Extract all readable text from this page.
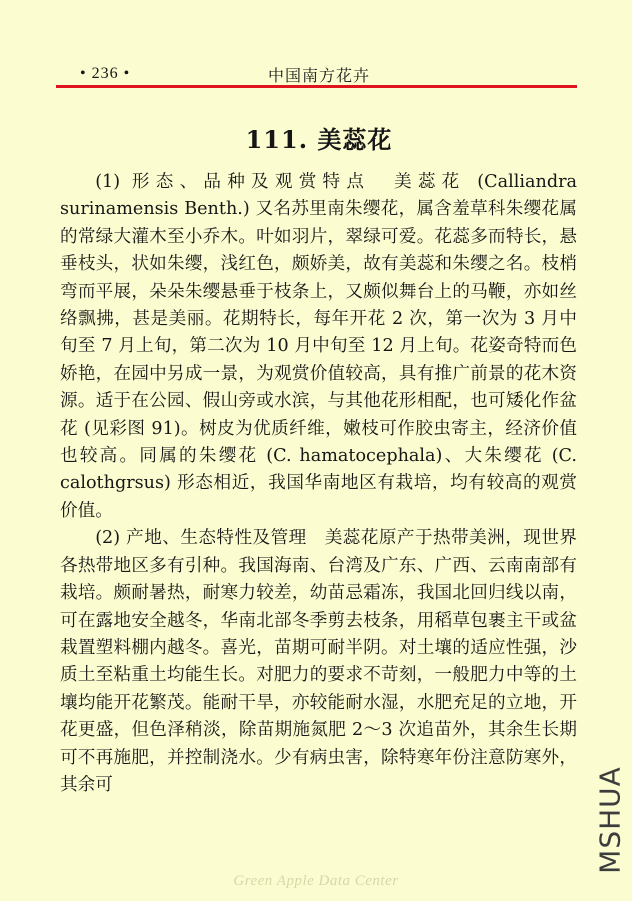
• 236 •	中国南方花卉
111. 美蕊花

(1) 形态、品种及观赏特点　美蕊花 (Calliandra surinamensis Benth.) 又名苏里南朱缨花，属含羞草科朱缨花属的常绿大灌木至小乔木。叶如羽片，翠绿可爱。花蕊多而特长，悬垂枝头，状如朱缨，浅红色，颇娇美，故有美蕊和朱缨之名。枝梢弯而平展，朵朵朱缨悬垂于枝条上，又颇似舞台上的马鞭，亦如丝络飘拂，甚是美丽。花期特长，每年开花 2 次，第一次为 3 月中旬至 7 月上旬，第二次为 10 月中旬至 12 月上旬。花姿奇特而色娇艳，在园中另成一景，为观赏价值较高，具有推广前景的花木资源。适于在公园、假山旁或水滨，与其他花形相配，也可矮化作盆花 (见彩图 91)。树皮为优质纤维，嫩枝可作胶虫寄主，经济价值也较高。同属的朱缨花 (C. hamatocephala)、大朱缨花 (C. calothgrsus) 形态相近，我国华南地区有栽培，均有较高的观赏价值。

(2) 产地、生态特性及管理　美蕊花原产于热带美洲，现世界各热带地区多有引种。我国海南、台湾及广东、广西、云南南部有栽培。颇耐暑热，耐寒力较差，幼苗忌霜冻，我国北回归线以南，可在露地安全越冬，华南北部冬季剪去枝条，用稻草包裹主干或盆栽置塑料棚内越冬。喜光，苗期可耐半阴。对土壤的适应性强，沙质土至粘重土均能生长。对肥力的要求不苛刻，一般肥力中等的土壤均能开花繁茂。能耐干旱，亦较能耐水湿，水肥充足的立地，开花更盛，但色泽稍淡，除苗期施氮肥 2～3 次追苗外，其余生长期可不再施肥，并控制浇水。少有病虫害，除特寒年份注意防寒外，其余可	MSHUA
Green Apple Data Center
